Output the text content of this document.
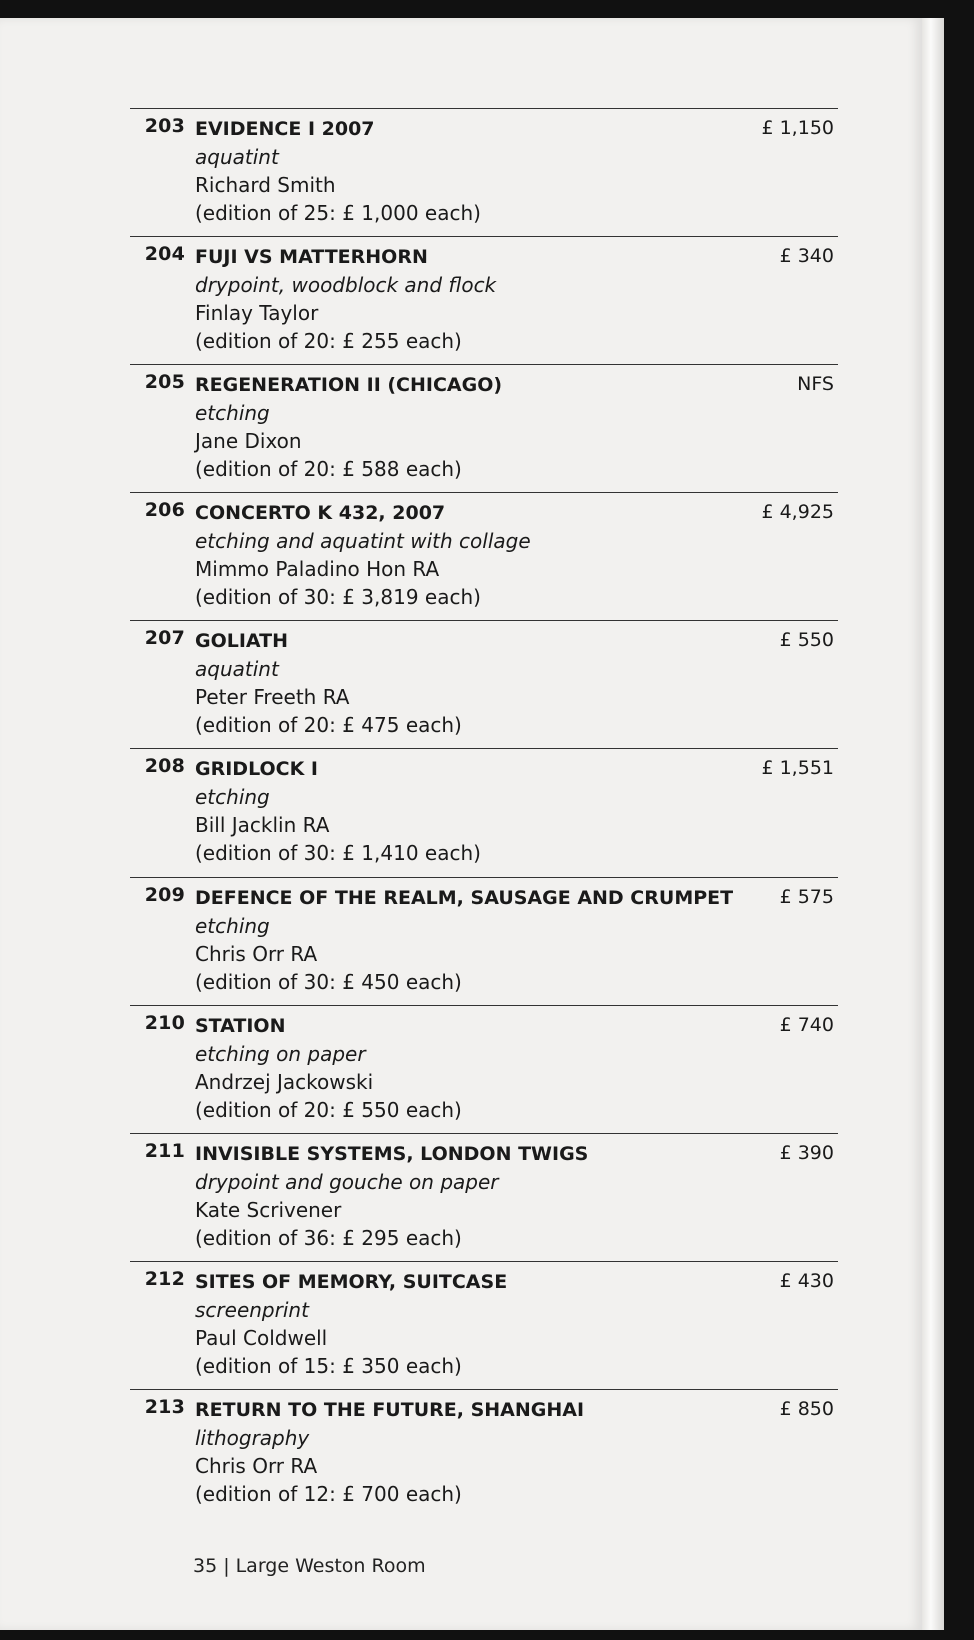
203 EVIDENCE I 2007
aquatint
Richard Smith
(edition of 25: £ 1,000 each)
£ 1,150
204 FUJI VS MATTERHORN
drypoint, woodblock and flock
Finlay Taylor
(edition of 20: £ 255 each)
£ 340
205 REGENERATION II (CHICAGO)
etching
Jane Dixon
(edition of 20: £ 588 each)
NFS
206 CONCERTO K 432, 2007
etching and aquatint with collage
Mimmo Paladino Hon RA
(edition of 30: £ 3,819 each)
£ 4,925
207 GOLIATH
aquatint
Peter Freeth RA
(edition of 20: £ 475 each)
£ 550
208 GRIDLOCK I
etching
Bill Jacklin RA
(edition of 30: £ 1,410 each)
£ 1,551
209 DEFENCE OF THE REALM, SAUSAGE AND CRUMPET
etching
Chris Orr RA
(edition of 30: £ 450 each)
£ 575
210 STATION
etching on paper
Andrzej Jackowski
(edition of 20: £ 550 each)
£ 740
211 INVISIBLE SYSTEMS, LONDON TWIGS
drypoint and gouche on paper
Kate Scrivener
(edition of 36: £ 295 each)
£ 390
212 SITES OF MEMORY, SUITCASE
screenprint
Paul Coldwell
(edition of 15: £ 350 each)
£ 430
213 RETURN TO THE FUTURE, SHANGHAI
lithography
Chris Orr RA
(edition of 12: £ 700 each)
£ 850
35 | Large Weston Room
